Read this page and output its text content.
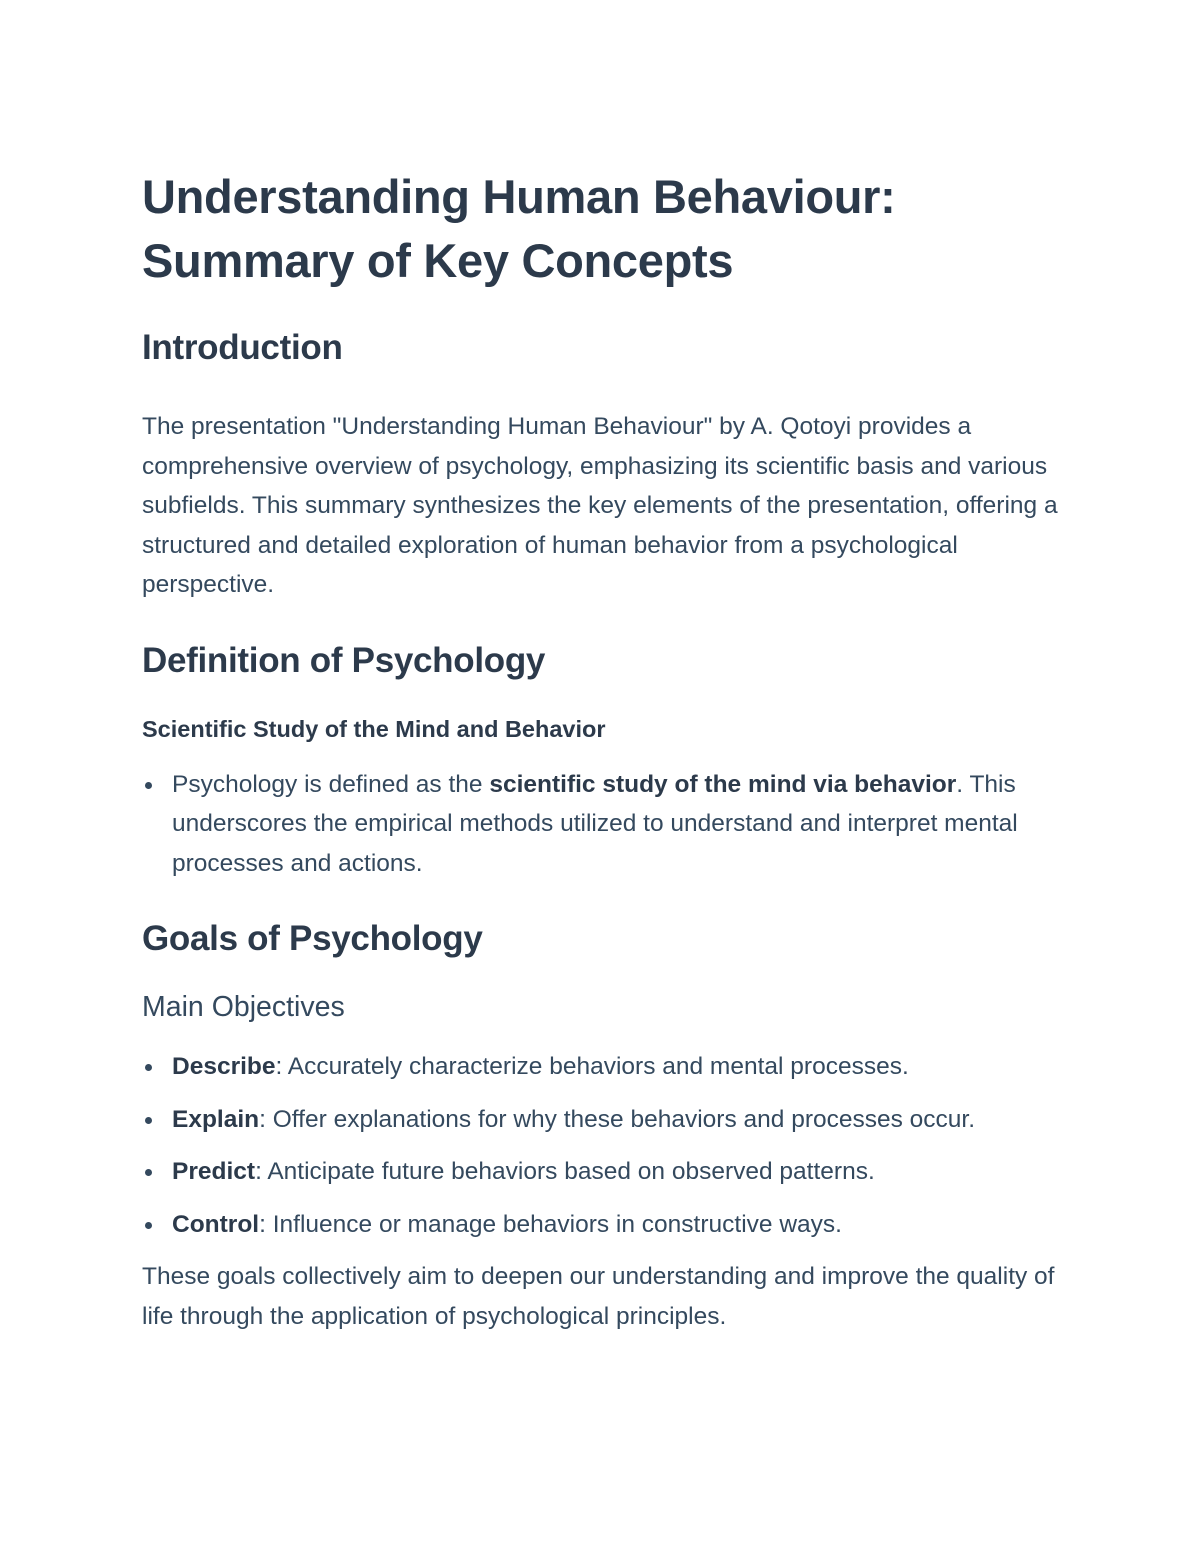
Understanding Human Behaviour:
Summary of Key Concepts
Introduction

The presentation "Understanding Human Behaviour" by A. Qotoyi provides a comprehensive overview of psychology, emphasizing its scientific basis and various subfields. This summary synthesizes the key elements of the presentation, offering a structured and detailed exploration of human behavior from a psychological perspective.

Definition of Psychology
Scientific Study of the Mind and Behavior
Psychology is defined as the scientific study of the mind via behavior. This underscores the empirical methods utilized to understand and interpret mental processes and actions.
Goals of Psychology
Main Objectives
Describe: Accurately characterize behaviors and mental processes.
Explain: Offer explanations for why these behaviors and processes occur.
Predict: Anticipate future behaviors based on observed patterns.
Control: Influence or manage behaviors in constructive ways.

These goals collectively aim to deepen our understanding and improve the quality of life through the application of psychological principles.
